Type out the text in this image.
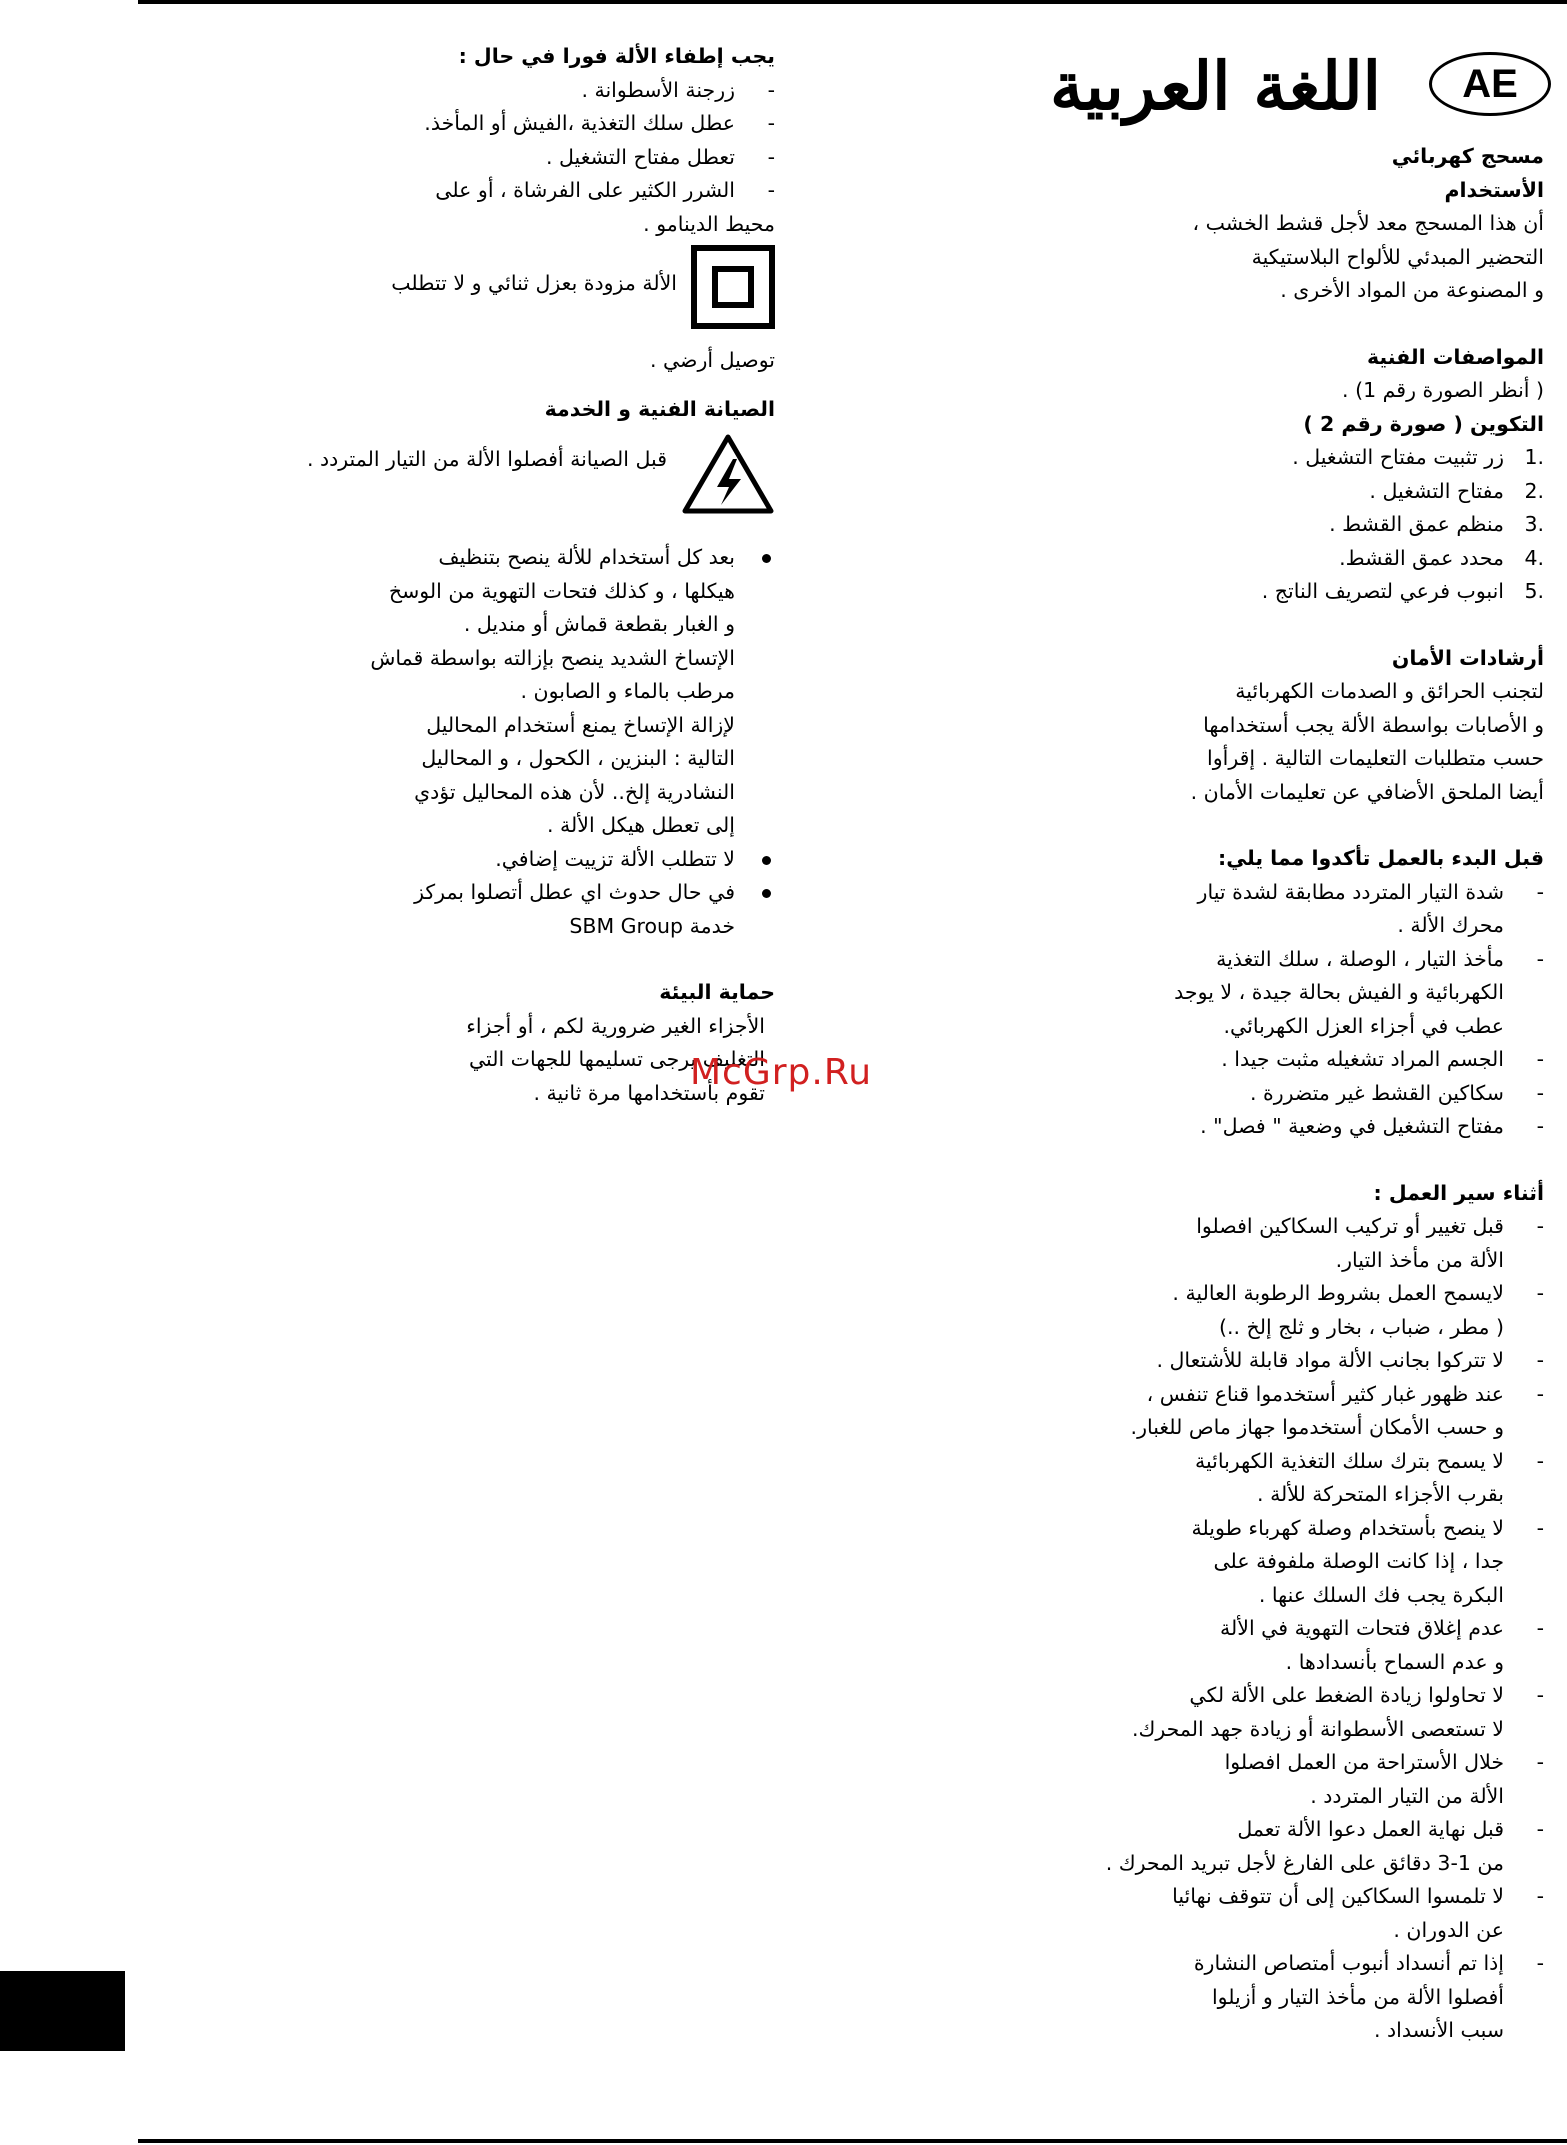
اللغة العربية	AE

مسحج كهربائي

الأستخدام

أن هذا المسحج معد لأجل قشط الخشب ،

التحضير المبدئي للألواح البلاستيكية

و المصنوعة من المواد الأخرى .

المواصفات الفنية

( أنظر الصورة رقم 1) .

التكوين ( صورة رقم 2 )

1.
زر تثبيت مفتاح التشغيل .
2.
مفتاح التشغيل .
3.
منظم عمق القشط .
4.
محدد عمق القشط.
5.
انبوب فرعي لتصريف الناتج .

أرشادات الأمان

لتجنب الحرائق و الصدمات الكهربائية

و الأصابات بواسطة الألة يجب أستخدامها

حسب متطلبات التعليمات التالية . إقرأوا

أيضا الملحق الأضافي عن تعليمات الأمان .

قبل البدء بالعمل تأكدوا مما يلي:

- شدة التيار المتردد مطابقة لشدة تيار

محرك الألة .

- مأخذ التيار ، الوصلة ، سلك التغذية

الكهربائية و الفيش بحالة جيدة ، لا يوجد

عطب في أجزاء العزل الكهربائي.

- الجسم المراد تشغيله مثبت جيدا .

- سكاكين القشط غير متضررة .

- مفتاح التشغيل في وضعية " فصل" .

أثناء سير العمل :

- قبل تغيير أو تركيب السكاكين افصلوا

الألة من مأخذ التيار.

- لايسمح العمل بشروط الرطوبة العالية .

( مطر ، ضباب ، بخار و ثلج إلخ ..)

- لا تتركوا بجانب الألة مواد قابلة للأشتعال .

- عند ظهور غبار كثير أستخدموا قناع تنفس ،

و حسب الأمكان أستخدموا جهاز ماص للغبار.

- لا يسمح بترك سلك التغذية الكهربائية

بقرب الأجزاء المتحركة للألة .

- لا ينصح بأستخدام وصلة كهرباء طويلة

جدا ، إذا كانت الوصلة ملفوفة على

البكرة يجب فك السلك عنها .

- عدم إغلاق فتحات التهوية في الألة

و عدم السماح بأنسدادها .

- لا تحاولوا زيادة الضغط على الألة لكي

لا تستعصى الأسطوانة أو زيادة جهد المحرك.

- خلال الأستراحة من العمل افصلوا

الألة من التيار المتردد .

- قبل نهاية العمل دعوا الألة تعمل

من 1-3 دقائق على الفارغ لأجل تبريد المحرك .

- لا تلمسوا السكاكين إلى أن تتوقف نهائيا

عن الدوران .

- إذا تم أنسداد أنبوب أمتصاص النشارة

أفصلوا الألة من مأخذ التيار و أزيلوا

سبب الأنسداد .

يجب إطفاء الألة فورا في حال :

- زرجنة الأسطوانة .

- عطل سلك التغذية ،الفيش أو المأخذ.

- تعطل مفتاح التشغيل .

- الشرر الكثير على الفرشاة ، أو على

محيط الدينامو .

الألة مزودة بعزل ثنائي و لا تتطلب

توصيل أرضي .

الصيانة الفنية و الخدمة

قبل الصيانة أفصلوا الألة من التيار المتردد .

بعد كل أستخدام للألة ينصح بتنظيف

هيكلها ، و كذلك فتحات التهوية من الوسخ

و الغبار بقطعة قماش أو منديل .

الإتساخ الشديد ينصح بإزالته بواسطة قماش

مرطب بالماء و الصابون .

لإزالة الإتساخ يمنع أستخدام المحاليل

التالية : البنزين ، الكحول ، و المحاليل

النشادرية إلخ.. لأن هذه المحاليل تؤدي

إلى تعطل هيكل الألة .

لا تتطلب الألة تزييت إضافي.

في حال حدوث اي عطل أتصلوا بمركز

خدمة SBM Group

حماية البيئة

الأجزاء الغير ضرورية لكم ، أو أجزاء

التغليف يرجى تسليمها للجهات التي

تقوم بأستخدامها مرة ثانية .

McGrp.Ru
